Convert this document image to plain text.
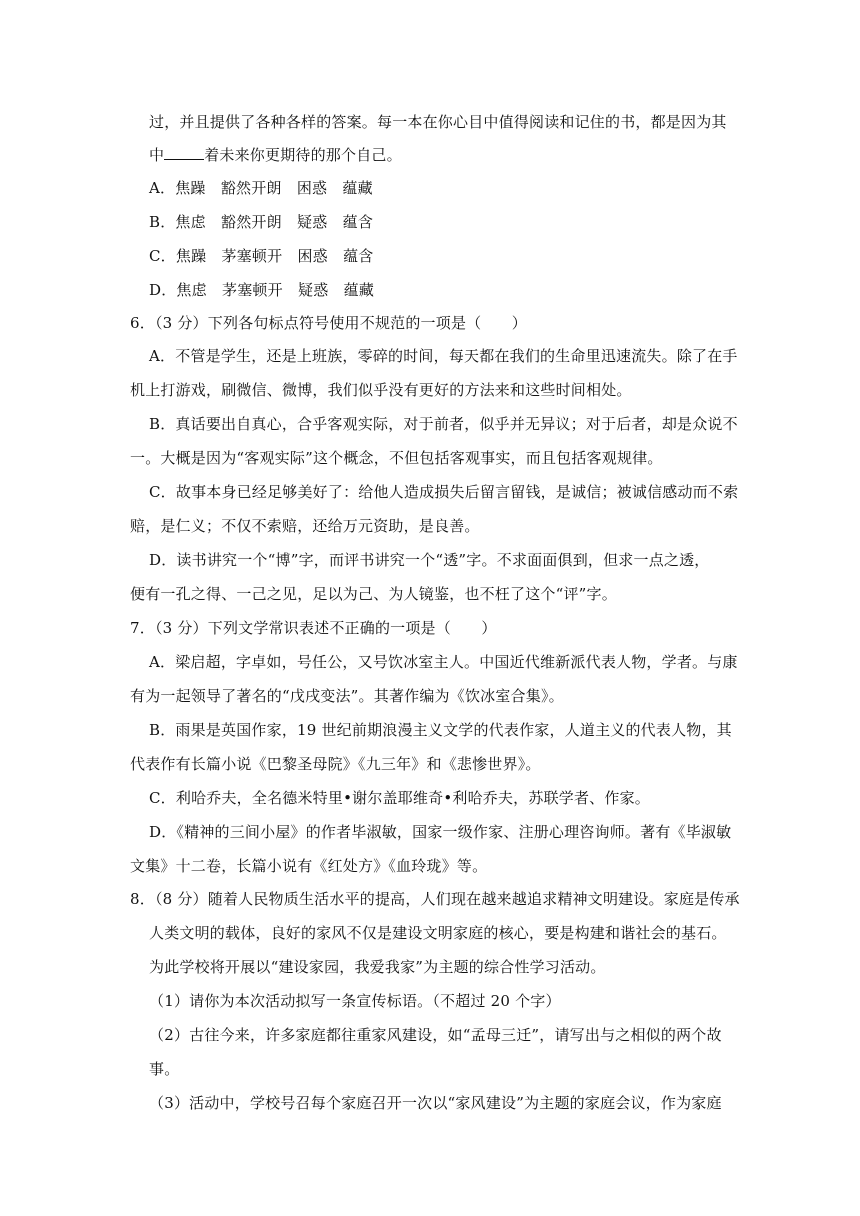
过，并且提供了各种各样的答案。每一本在你心目中值得阅读和记住的书，都是因为其
中	着未来你更期待的那个自己。
A．焦躁　豁然开朗　困惑　蕴藏
B．焦虑　豁然开朗　疑惑　蕴含
C．焦躁　茅塞顿开　困惑　蕴含
D．焦虑　茅塞顿开　疑惑　蕴藏
6．（3 分）下列各句标点符号使用不规范的一项是（　　）
A．不管是学生，还是上班族，零碎的时间，每天都在我们的生命里迅速流失。除了在手
机上打游戏，刷微信、微博，我们似乎没有更好的方法来和这些时间相处。
B．真话要出自真心，合乎客观实际，对于前者，似乎并无异议；对于后者，却是众说不
一。大概是因为“客观实际”这个概念，不但包括客观事实，而且包括客观规律。
C．故事本身已经足够美好了：给他人造成损失后留言留钱，是诚信；被诚信感动而不索
赔，是仁义；不仅不索赔，还给万元资助，是良善。
D．读书讲究一个“博”字，而评书讲究一个“透”字。不求面面俱到，但求一点之透，
便有一孔之得、一己之见，足以为己、为人镜鉴，也不枉了这个“评”字。
7．（3 分）下列文学常识表述不正确的一项是（　　）
A．梁启超，字卓如，号任公，又号饮冰室主人。中国近代维新派代表人物，学者。与康
有为一起领导了著名的“戊戌变法”。其著作编为《饮冰室合集》。
B．雨果是英国作家，19 世纪前期浪漫主义文学的代表作家，人道主义的代表人物，其
代表作有长篇小说《巴黎圣母院》《九三年》和《悲惨世界》。
C．利哈乔夫，全名德米特里•谢尔盖耶维奇•利哈乔夫，苏联学者、作家。
D．《精神的三间小屋》的作者毕淑敏，国家一级作家、注册心理咨询师。著有《毕淑敏
文集》十二卷，长篇小说有《红处方》《血玲珑》等。
8．（8 分）随着人民物质生活水平的提高，人们现在越来越追求精神文明建设。家庭是传承
人类文明的载体，良好的家风不仅是建设文明家庭的核心，要是构建和谐社会的基石。
为此学校将开展以“建设家园，我爱我家”为主题的综合性学习活动。
（1）请你为本次活动拟写一条宣传标语。（不超过 20 个字）
（2）古往今来，许多家庭都往重家风建设，如“孟母三迁”，请写出与之相似的两个故
事。
（3）活动中，学校号召每个家庭召开一次以“家风建设”为主题的家庭会议，作为家庭
